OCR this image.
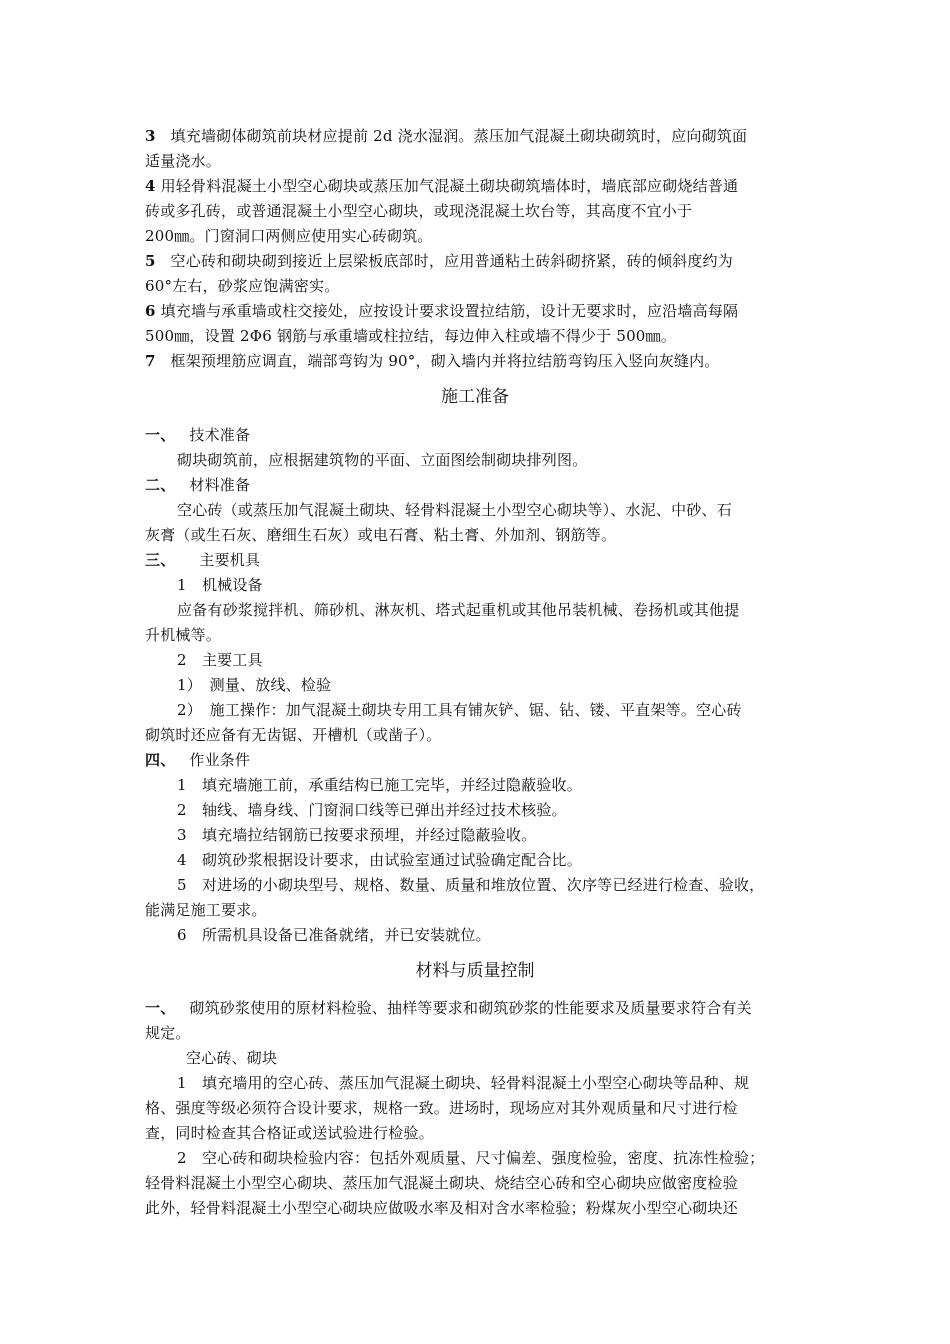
3 填充墙砌体砌筑前块材应提前 2d 浇水湿润。蒸压加气混凝土砌块砌筑时，应向砌筑面
适量浇水。
4 用轻骨料混凝土小型空心砌块或蒸压加气混凝土砌块砌筑墙体时，墙底部应砌烧结普通
砖或多孔砖，或普通混凝土小型空心砌块，或现浇混凝土坎台等，其高度不宜小于
200㎜。门窗洞口两侧应使用实心砖砌筑。
5 空心砖和砌块砌到接近上层梁板底部时，应用普通粘土砖斜砌挤紧，砖的倾斜度约为
60°左右，砂浆应饱满密实。
6 填充墙与承重墙或柱交接处，应按设计要求设置拉结筋，设计无要求时，应沿墙高每隔
500㎜，设置 2Φ6 钢筋与承重墙或柱拉结，每边伸入柱或墙不得少于 500㎜。
7 框架预埋筋应调直，端部弯钩为 90°，砌入墙内并将拉结筋弯钩压入竖向灰缝内。
施工准备
一、 技术准备
砌块砌筑前，应根据建筑物的平面、立面图绘制砌块排列图。
二、 材料准备
空心砖（或蒸压加气混凝土砌块、轻骨料混凝土小型空心砌块等）、水泥、中砂、石
灰膏（或生石灰、磨细生石灰）或电石膏、粘土膏、外加剂、钢筋等。
三、 主要机具
1　机械设备
应备有砂浆搅拌机、筛砂机、淋灰机、塔式起重机或其他吊装机械、卷扬机或其他提
升机械等。
2　主要工具
1）　测量、放线、检验
2）　施工操作：加气混凝土砌块专用工具有铺灰铲、锯、钻、镂、平直架等。空心砖
砌筑时还应备有无齿锯、开槽机（或凿子）。
四、 作业条件
1　填充墙施工前，承重结构已施工完毕，并经过隐蔽验收。
2　轴线、墙身线、门窗洞口线等已弹出并经过技术核验。
3　填充墙拉结钢筋已按要求预埋，并经过隐蔽验收。
4　砌筑砂浆根据设计要求，由试验室通过试验确定配合比。
5　对进场的小砌块型号、规格、数量、质量和堆放位置、次序等已经进行检查、验收，
能满足施工要求。
6　所需机具设备已准备就绪，并已安装就位。
材料与质量控制
一、 砌筑砂浆使用的原材料检验、抽样等要求和砌筑砂浆的性能要求及质量要求符合有关
规定。
空心砖、砌块
1　填充墙用的空心砖、蒸压加气混凝土砌块、轻骨料混凝土小型空心砌块等品种、规
格、强度等级必须符合设计要求，规格一致。进场时，现场应对其外观质量和尺寸进行检
查，同时检查其合格证或送试验进行检验。
2　空心砖和砌块检验内容：包括外观质量、尺寸偏差、强度检验，密度、抗冻性检验；
轻骨料混凝土小型空心砌块、蒸压加气混凝土砌块、烧结空心砖和空心砌块应做密度检验
此外，轻骨料混凝土小型空心砌块应做吸水率及相对含水率检验；粉煤灰小型空心砌块还
